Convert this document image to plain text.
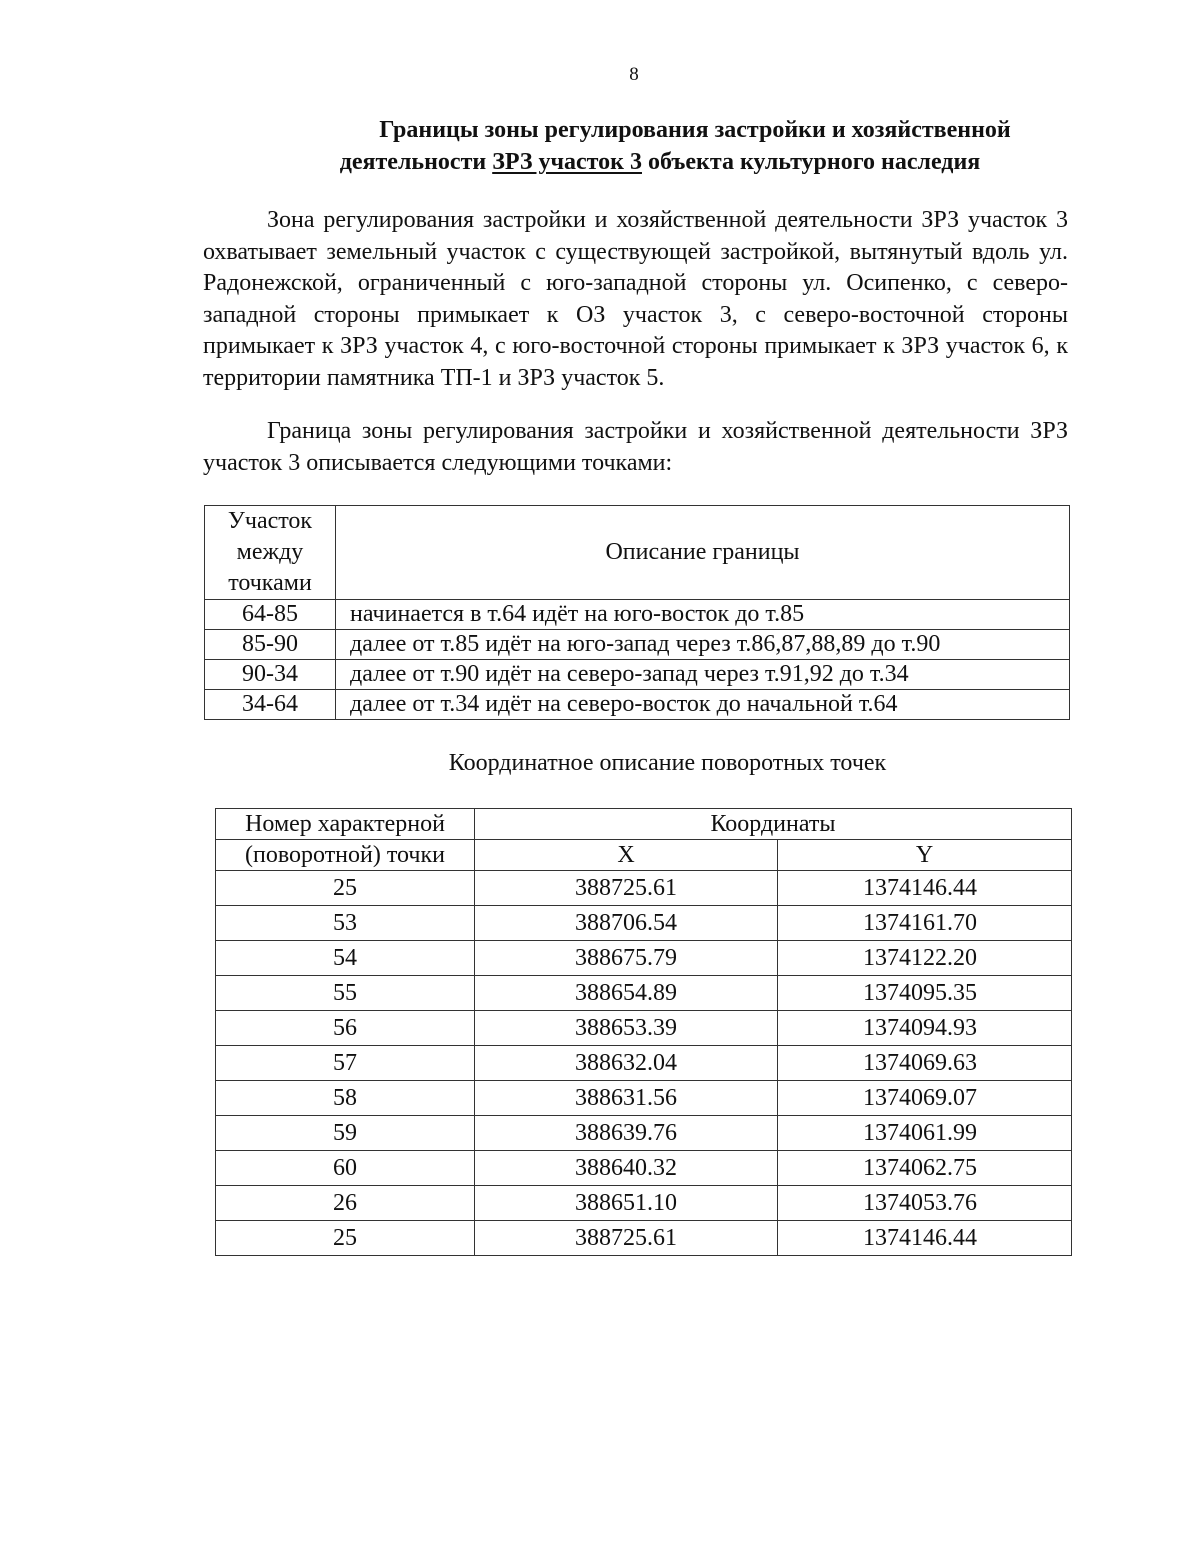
8
Границы зоны регулирования застройки и хозяйственной
деятельности ЗРЗ участок 3 объекта культурного наследия

Зона регулирования застройки и хозяйственной деятельности ЗРЗ участок 3 охватывает земельный участок с существующей застройкой, вытянутый вдоль ул. Радонежской, ограниченный с юго-западной стороны ул. Осипенко, с северо-западной стороны примыкает к ОЗ участок 3, с северо-восточной стороны примыкает к ЗРЗ участок 4, с юго-восточной стороны примыкает к ЗРЗ участок 6, к территории памятника ТП-1 и ЗРЗ участок 5.

Граница зоны регулирования застройки и хозяйственной деятельности ЗРЗ участок 3 описывается следующими точками:

Участок
между
точками	Описание границы
64-85	начинается в т.64 идёт на юго-восток до т.85
85-90	далее от т.85 идёт на юго-запад через т.86,87,88,89 до т.90
90-34	далее от т.90 идёт на северо-запад через т.91,92 до т.34
34-64	далее от т.34 идёт на северо-восток до начальной т.64
Координатное описание поворотных точек
Номер характерной	Координаты	
(поворотной) точки	X	Y
25	388725.61	1374146.44
53	388706.54	1374161.70
54	388675.79	1374122.20
55	388654.89	1374095.35
56	388653.39	1374094.93
57	388632.04	1374069.63
58	388631.56	1374069.07
59	388639.76	1374061.99
60	388640.32	1374062.75
26	388651.10	1374053.76
25	388725.61	1374146.44
